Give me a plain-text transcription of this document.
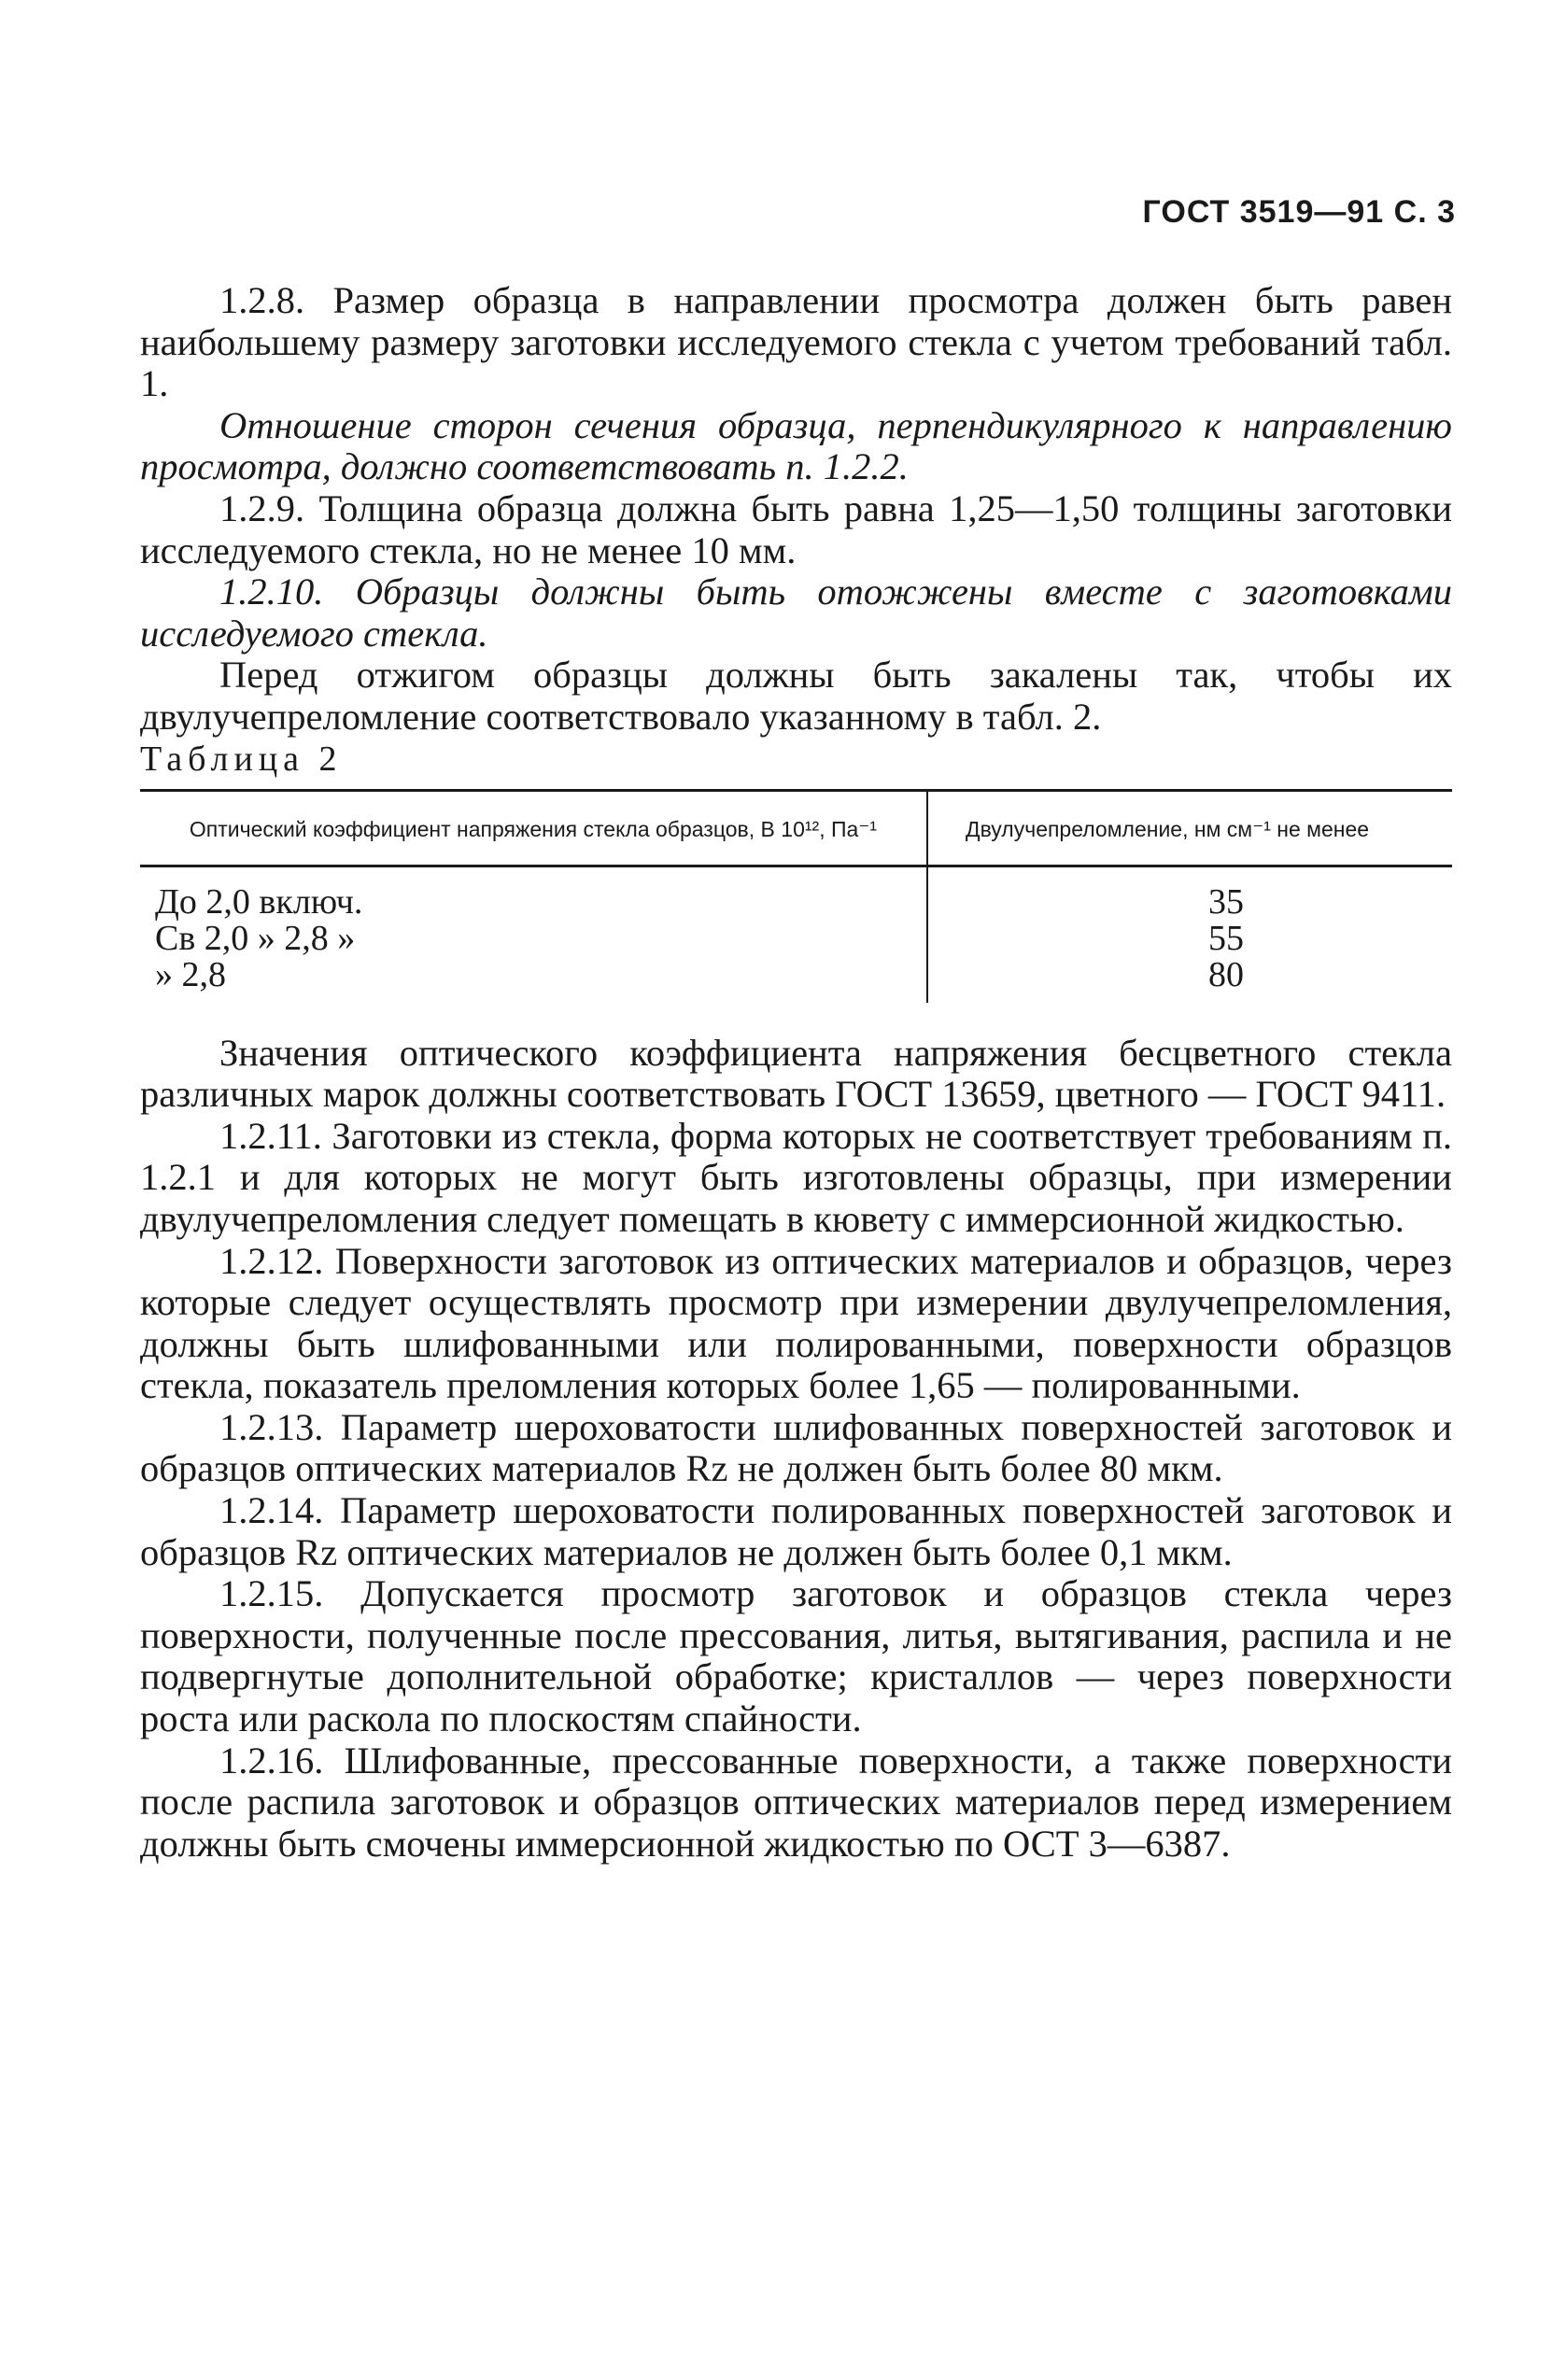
ГОСТ 3519—91 С. 3

1.2.8. Размер образца в направлении просмотра должен быть равен наибольшему размеру заготовки исследуемого стекла с учетом требований табл. 1.

Отношение сторон сечения образца, перпендикулярного к направлению просмотра, должно соответствовать п. 1.2.2.

1.2.9. Толщина образца должна быть равна 1,25—1,50 толщины заготовки исследуемого стекла, но не менее 10 мм.

1.2.10. Образцы должны быть отожжены вместе с заготовками исследуемого стекла.

Перед отжигом образцы должны быть закалены так, чтобы их двулучепреломление соответствовало указанному в табл. 2.

Таблица 2

Оптический коэффициент напряжения стекла образцов, В 10¹², Па⁻¹	Двулучепреломление, нм см⁻¹ не менее
До 2,0 включ.	35
Св 2,0 » 2,8 »	55
» 2,8	80

Значения оптического коэффициента напряжения бесцветного стекла различных марок должны соответствовать ГОСТ 13659, цветного — ГОСТ 9411.

1.2.11. Заготовки из стекла, форма которых не соответствует требованиям п. 1.2.1 и для которых не могут быть изготовлены образцы, при измерении двулучепреломления следует помещать в кювету с иммерсионной жидкостью.

1.2.12. Поверхности заготовок из оптических материалов и образцов, через которые следует осуществлять просмотр при измерении двулучепреломления, должны быть шлифованными или полированными, поверхности образцов стекла, показатель преломления которых более 1,65 — полированными.

1.2.13. Параметр шероховатости шлифованных поверхностей заготовок и образцов оптических материалов Rz не должен быть более 80 мкм.

1.2.14. Параметр шероховатости полированных поверхностей заготовок и образцов Rz оптических материалов не должен быть более 0,1 мкм.

1.2.15. Допускается просмотр заготовок и образцов стекла через поверхности, полученные после прессования, литья, вытягивания, распила и не подвергнутые дополнительной обработке; кристаллов — через поверхности роста или раскола по плоскостям спайности.

1.2.16. Шлифованные, прессованные поверхности, а также поверхности после распила заготовок и образцов оптических материалов перед измерением должны быть смочены иммерсионной жидкостью по ОСТ 3—6387.
